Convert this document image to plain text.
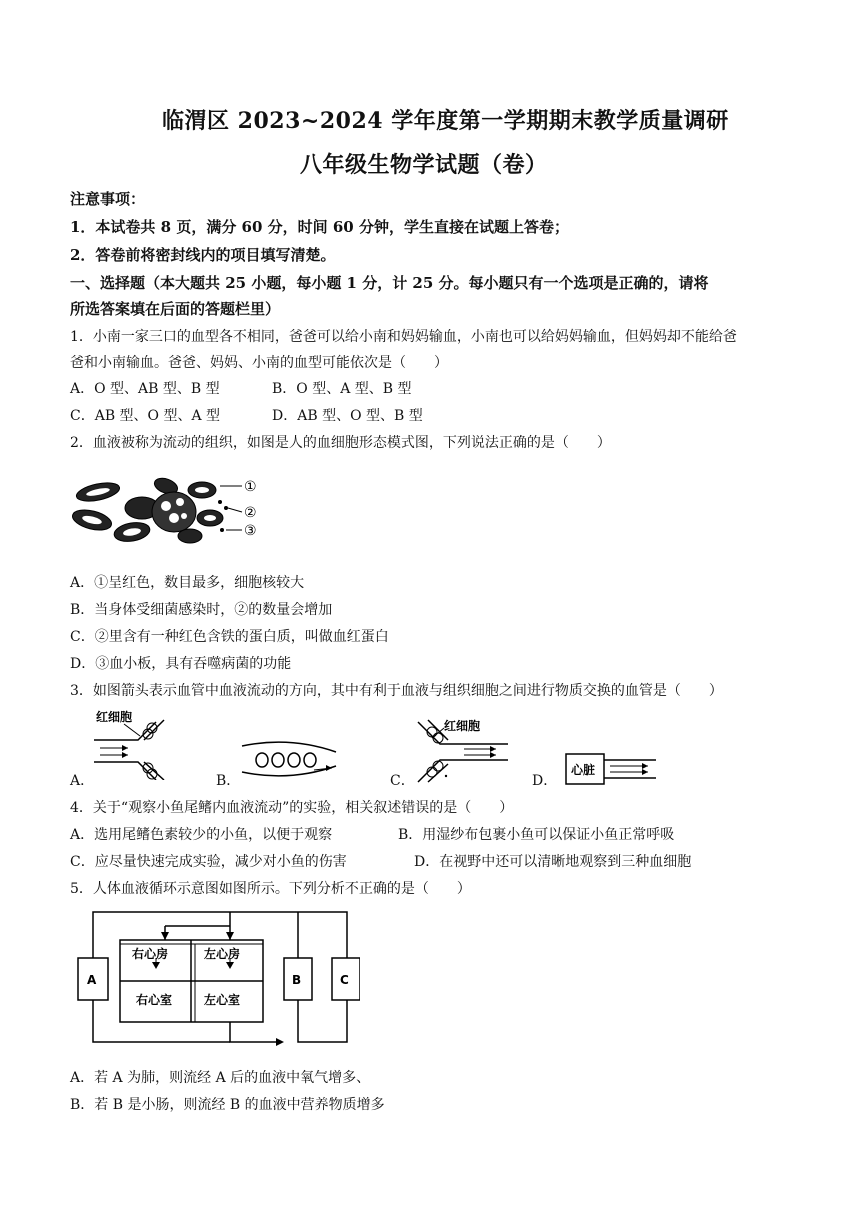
临渭区 2023~2024 学年度第一学期期末教学质量调研
八年级生物学试题（卷）
注意事项：
1．本试卷共 8 页，满分 60 分，时间 60 分钟，学生直接在试题上答卷；
2．答卷前将密封线内的项目填写清楚。
一、选择题（本大题共 25 小题，每小题 1 分，计 25 分。每小题只有一个选项是正确的，请将
所选答案填在后面的答题栏里）
1．小南一家三口的血型各不相同，爸爸可以给小南和妈妈输血，小南也可以给妈妈输血，但妈妈却不能给爸
爸和小南输血。爸爸、妈妈、小南的血型可能依次是（　　）
A．O 型、AB 型、B 型	B．O 型、A 型、B 型
C．AB 型、O 型、A 型	D．AB 型、O 型、B 型
2．血液被称为流动的组织，如图是人的血细胞形态模式图，下列说法正确的是（　　）
①
②
③
A．①呈红色，数目最多，细胞核较大
B．当身体受细菌感染时，②的数量会增加
C．②里含有一种红色含铁的蛋白质，叫做血红蛋白
D．③血小板，具有吞噬病菌的功能
3．如图箭头表示血管中血液流动的方向，其中有利于血液与组织细胞之间进行物质交换的血管是（　　）
A．
红细胞
B．	C．
红细胞
D．
心脏
4．关于“观察小鱼尾鳍内血液流动”的实验，相关叙述错误的是（　　）
A．选用尾鳍色素较少的小鱼，以便于观察	B．用湿纱布包裹小鱼可以保证小鱼正常呼吸
C．应尽量快速完成实验，减少对小鱼的伤害	D．在视野中还可以清晰地观察到三种血细胞
5．人体血液循环示意图如图所示。下列分析不正确的是（　　）
A	B	C
右心房
右心室
左心房
左心室
A．若 A 为肺，则流经 A 后的血液中氧气增多、
B．若 B 是小肠，则流经 B 的血液中营养物质增多
